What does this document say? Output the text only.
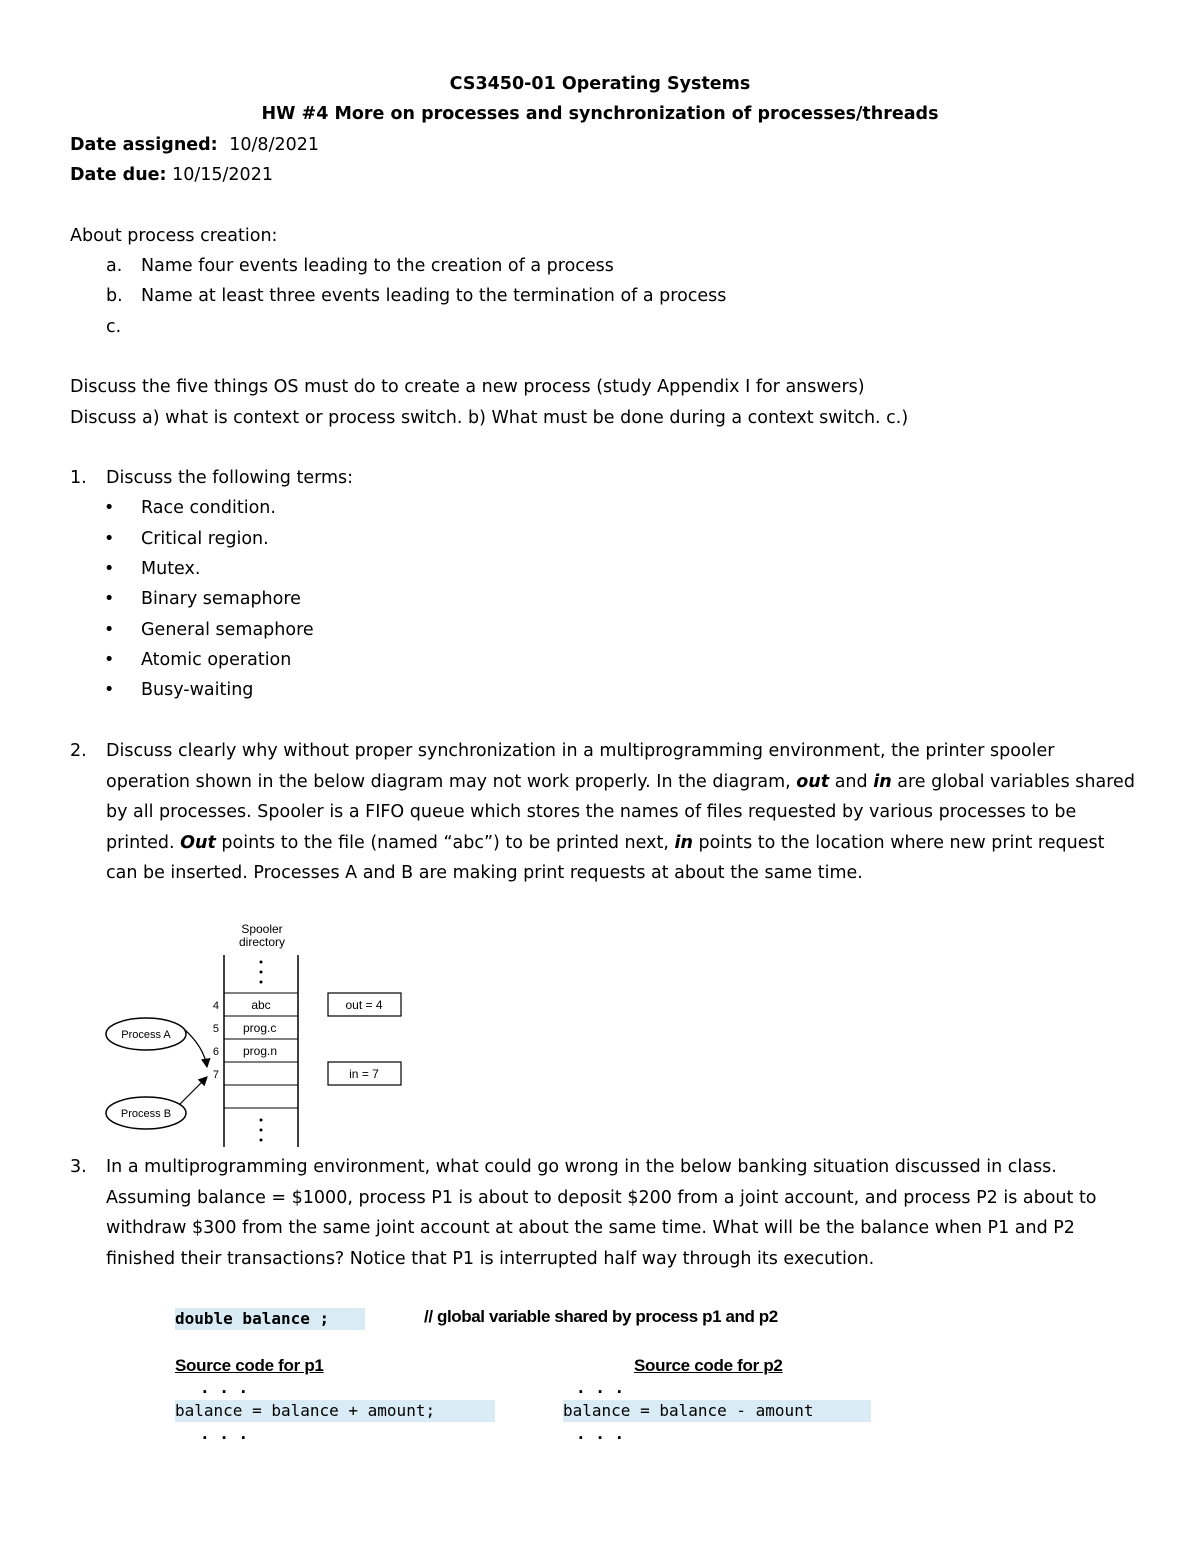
CS3450-01 Operating Systems
HW #4 More on processes and synchronization of processes/threads
Date assigned: 10/8/2021
Date due: 10/15/2021
About process creation:
a. Name four events leading to the creation of a process
b. Name at least three events leading to the termination of a process
c.
Discuss the five things OS must do to create a new process (study Appendix I for answers)
Discuss a) what is context or process switch. b) What must be done during a context switch. c.)
1. Discuss the following terms:
• Race condition.
• Critical region.
• Mutex.
• Binary semaphore
• General semaphore
• Atomic operation
• Busy-waiting
2. Discuss clearly why without proper synchronization in a multiprogramming environment, the printer spooler operation shown in the below diagram may not work properly. In the diagram, out and in are global variables shared by all processes. Spooler is a FIFO queue which stores the names of files requested by various processes to be printed. Out points to the file (named “abc”) to be printed next, in points to the location where new print request can be inserted. Processes A and B are making print requests at about the same time.
Spooler
directory
4	abc
5 prog.c
6 prog.n
7
out = 4
in = 7
Process A
Process B
3. In a multiprogramming environment, what could go wrong in the below banking situation discussed in class. Assuming balance = $1000, process P1 is about to deposit $200 from a joint account, and process P2 is about to withdraw $300 from the same joint account at about the same time. What will be the balance when P1 and P2 finished their transactions? Notice that P1 is interrupted half way through its execution.
double balance ;	// global variable shared by process p1 and p2
Source code for p1	Source code for p2
. . .
balance = balance + amount;
. . .
. . .
balance = balance - amount
. . .
